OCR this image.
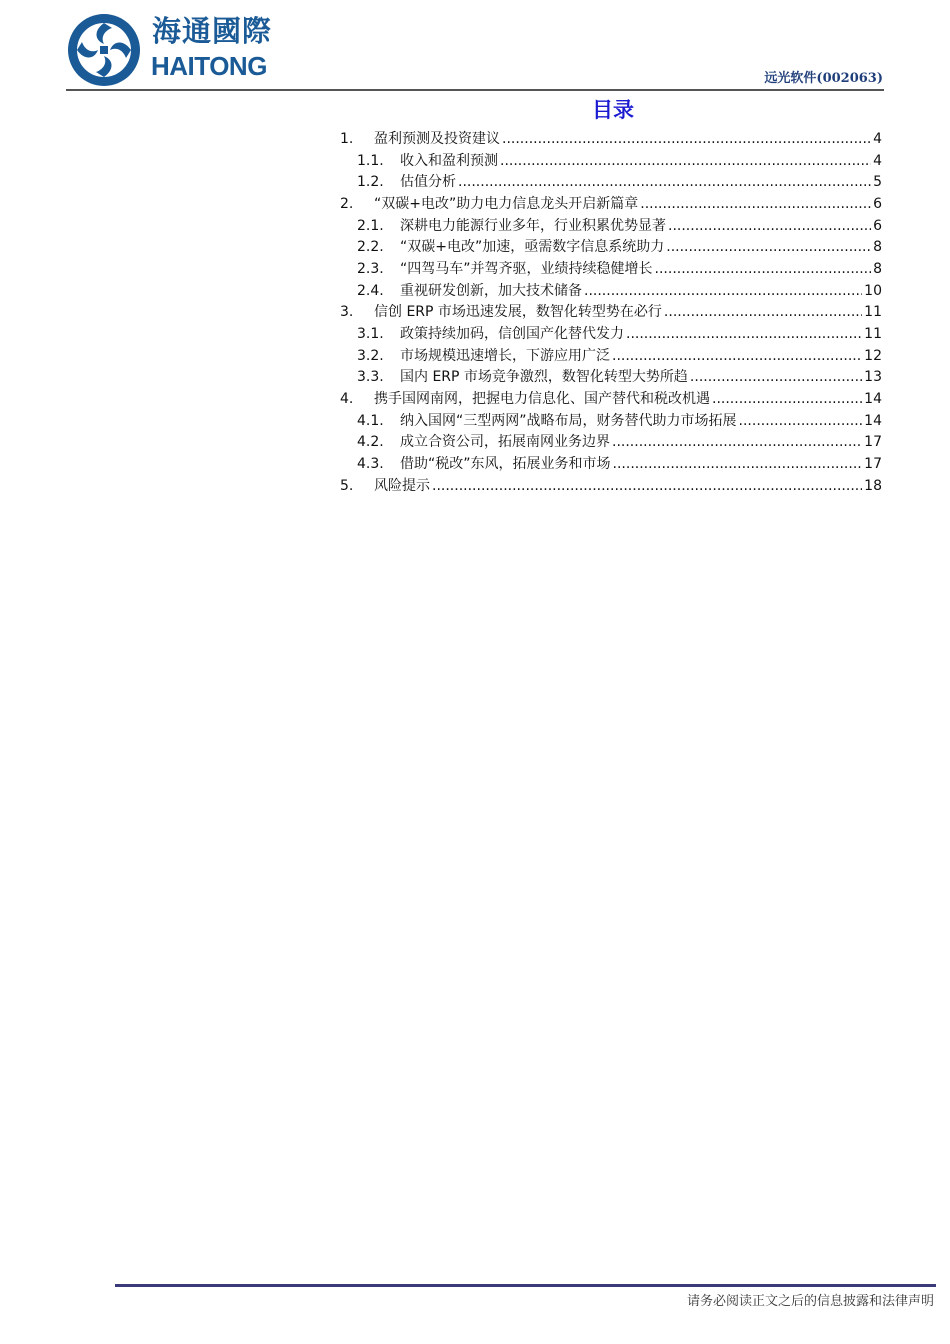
海通國際
HAITONG	远光软件(002063)
目录
1.	盈利预测及投资建议 .....	4
1.1.	收入和盈利预测 .....	4
1.2.	估值分析 .....	5
2.	“双碳+电改”助力电力信息龙头开启新篇章 .....	6
2.1.	深耕电力能源行业多年，行业积累优势显著 .....	6
2.2.	“双碳+电改”加速，亟需数字信息系统助力 .....	8
2.3.	“四驾马车”并驾齐驱，业绩持续稳健增长 .....	8
2.4.	重视研发创新，加大技术储备 .....	10
3.	信创 ERP 市场迅速发展，数智化转型势在必行 .....	11
3.1.	政策持续加码，信创国产化替代发力 .....	11
3.2.	市场规模迅速增长，下游应用广泛 .....	12
3.3.	国内 ERP 市场竞争激烈，数智化转型大势所趋 .....	13
4.	携手国网南网，把握电力信息化、国产替代和税改机遇 .....	14
4.1.	纳入国网“三型两网”战略布局，财务替代助力市场拓展 .....	14
4.2.	成立合资公司，拓展南网业务边界 .....	17
4.3.	借助“税改”东风，拓展业务和市场 .....	17
5.	风险提示 .....	18
请务必阅读正文之后的信息披露和法律声明
